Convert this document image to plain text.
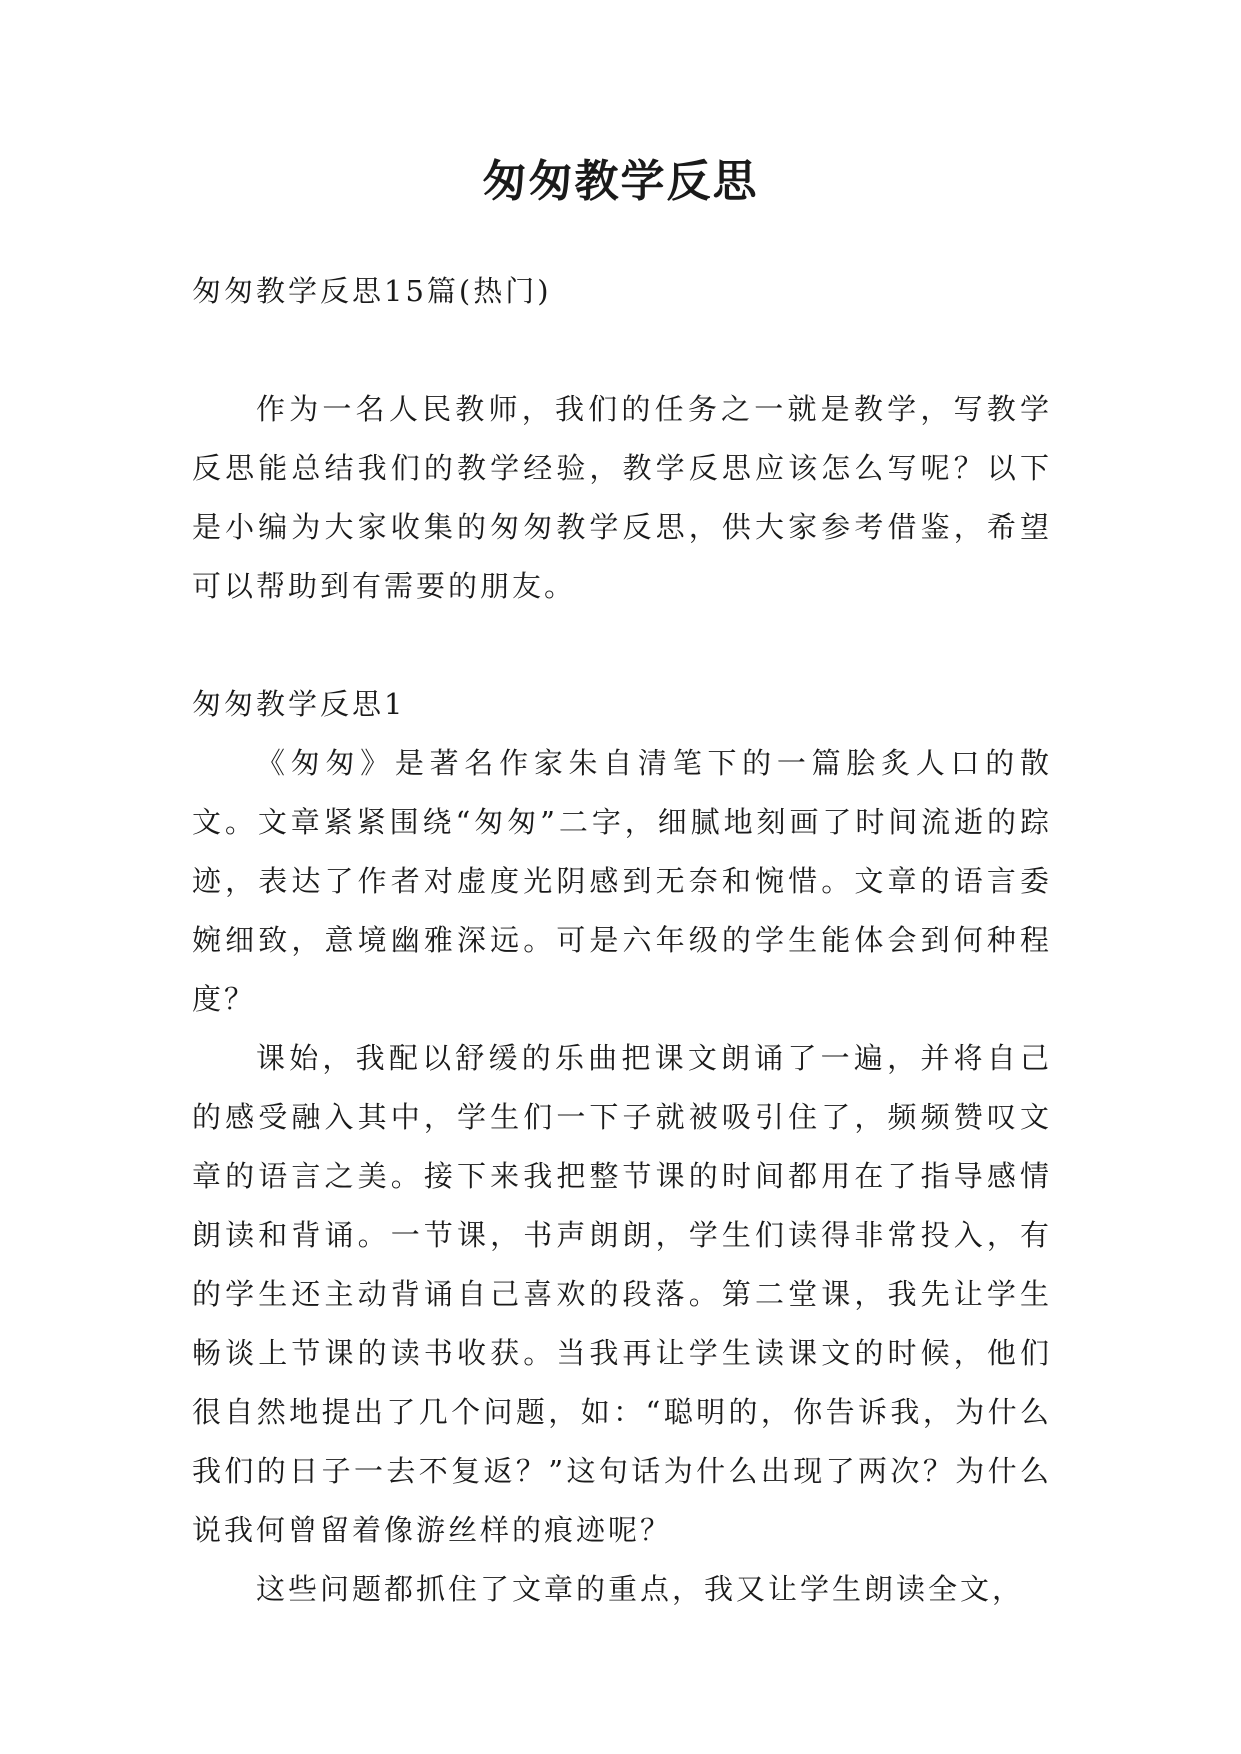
匆匆教学反思

匆匆教学反思15篇(热门)

作为一名人民教师，我们的任务之一就是教学，写教学反思能总结我们的教学经验，教学反思应该怎么写呢？以下是小编为大家收集的匆匆教学反思，供大家参考借鉴，希望可以帮助到有需要的朋友。

匆匆教学反思1

《匆匆》是著名作家朱自清笔下的一篇脍炙人口的散文。文章紧紧围绕“匆匆”二字，细腻地刻画了时间流逝的踪迹，表达了作者对虚度光阴感到无奈和惋惜。文章的语言委婉细致，意境幽雅深远。可是六年级的学生能体会到何种程度？

课始，我配以舒缓的乐曲把课文朗诵了一遍，并将自己的感受融入其中，学生们一下子就被吸引住了，频频赞叹文章的语言之美。接下来我把整节课的时间都用在了指导感情朗读和背诵。一节课，书声朗朗，学生们读得非常投入，有的学生还主动背诵自己喜欢的段落。第二堂课，我先让学生畅谈上节课的读书收获。当我再让学生读课文的时候，他们很自然地提出了几个问题，如：“聪明的，你告诉我，为什么我们的日子一去不复返？”这句话为什么出现了两次？为什么说我何曾留着像游丝样的痕迹呢？

这些问题都抓住了文章的重点，我又让学生朗读全文，
